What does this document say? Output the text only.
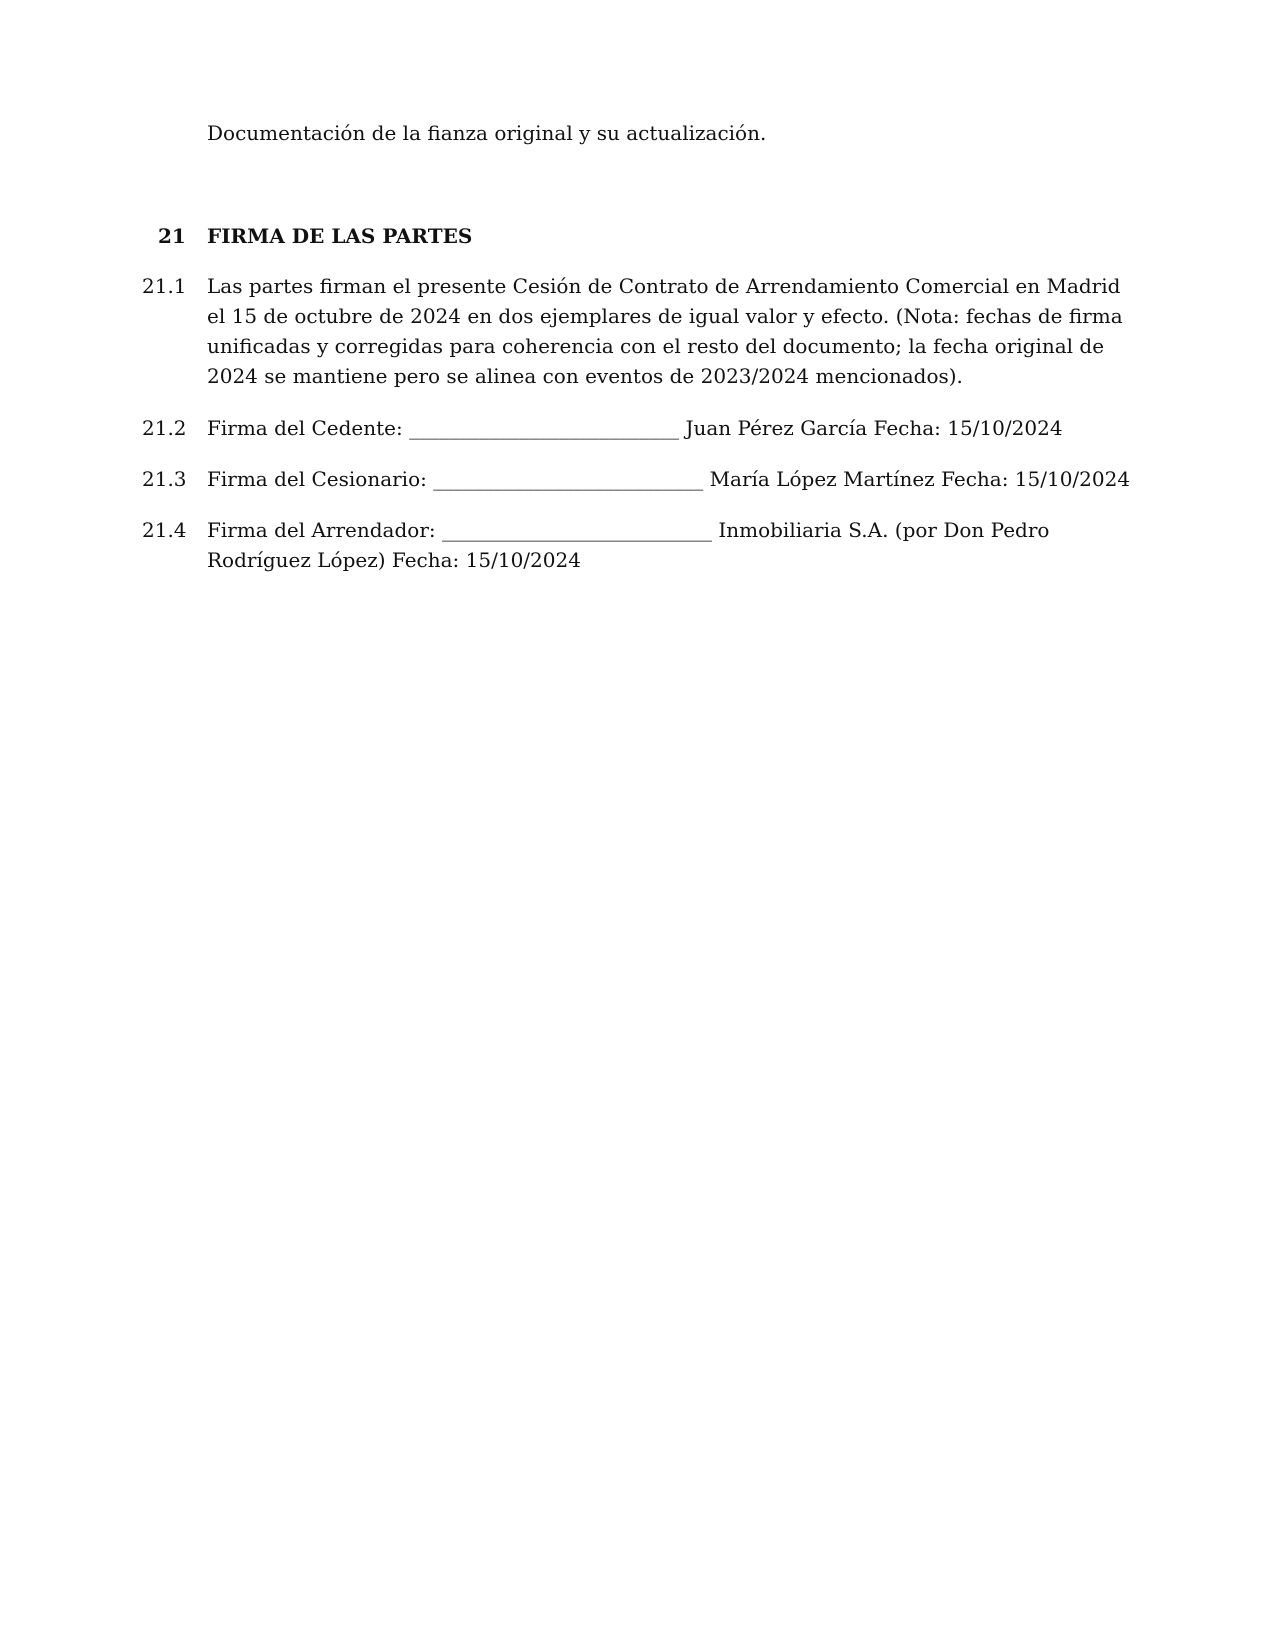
Documentación de la fianza original y su actualización.

21	FIRMA DE LAS PARTES
21.1	Las partes firman el presente Cesión de Contrato de Arrendamiento Comercial en Madrid el 15 de octubre de 2024 en dos ejemplares de igual valor y efecto. (Nota: fechas de firma unificadas y corregidas para coherencia con el resto del documento; la fecha original de 2024 se mantiene pero se alinea con eventos de 2023/2024 mencionados).

21.2	Firma del Cedente: ___________________________ Juan Pérez García Fecha: 15/10/2024

21.3	Firma del Cesionario: ___________________________ María López Martínez Fecha: 15/10/2024

21.4	Firma del Arrendador: ___________________________ Inmobiliaria S.A. (por Don Pedro Rodríguez López) Fecha: 15/10/2024
